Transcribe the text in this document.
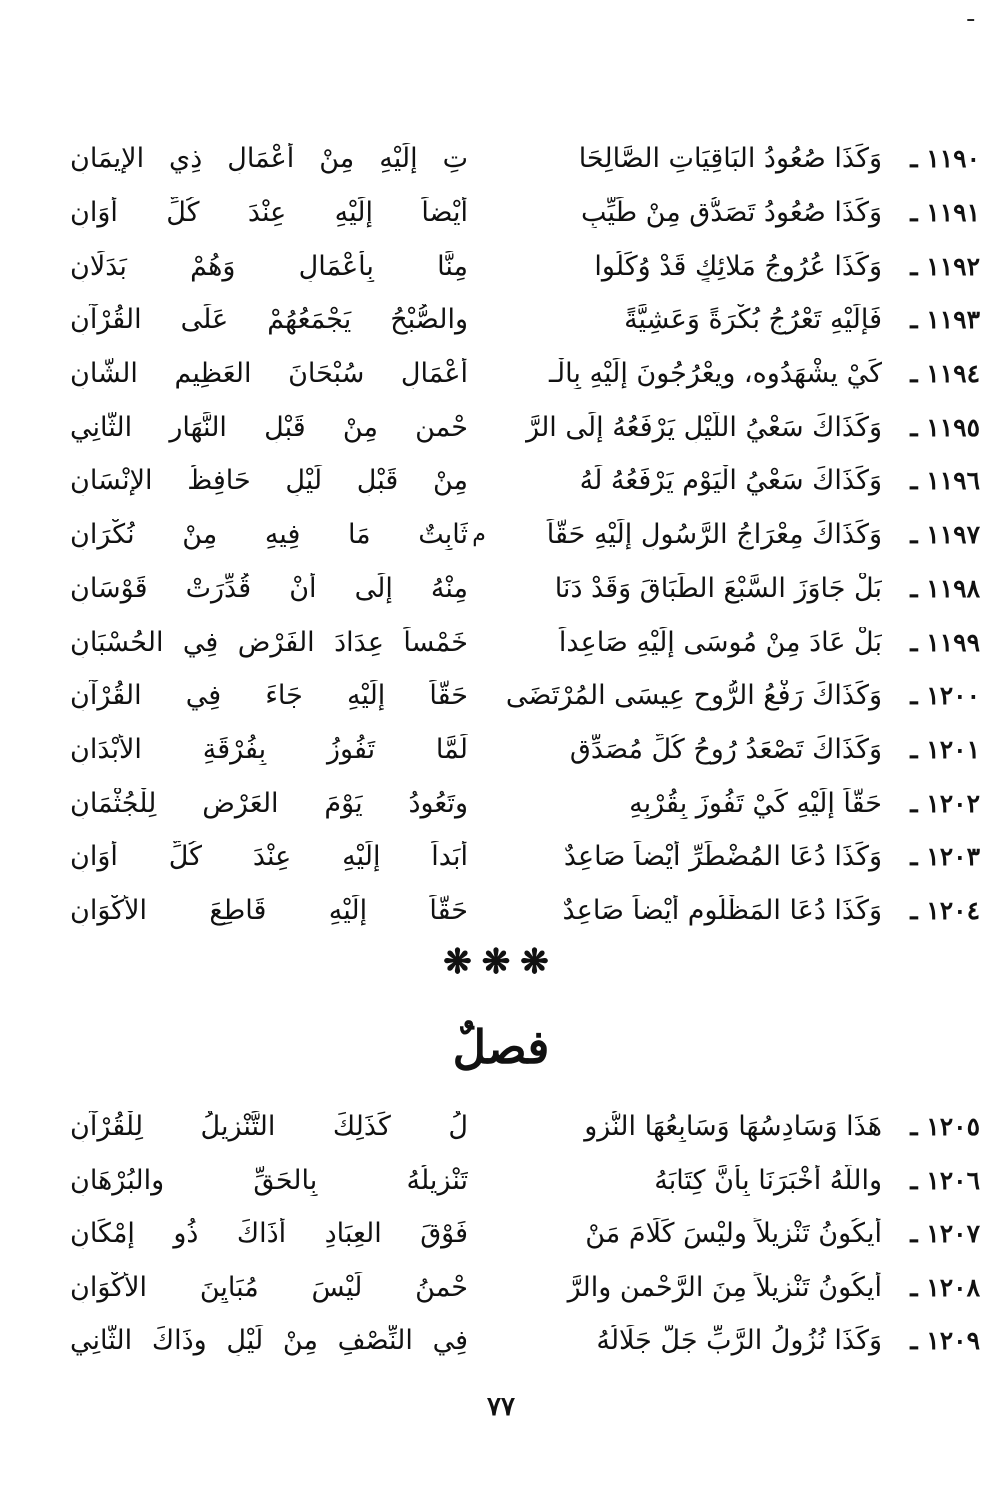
ـ
١١٩٠ ـ
وَكَذَا صُعُودُ البَاقِيَاتِ الصَّالِحَا
تِ إِلَيْهِ مِنْ أَعْمَالِ ذِي الإِيمَانِ
١١٩١ ـ
وَكَذَا صُعُودُ تَصَدُّقٍ مِنْ طَيِّبٍ
أَيْضاً إِلَيْهِ عِنْدَ كُلِّ أَوَانِ
١١٩٢ ـ
وَكَذَا عُرُوجُ مَلائِكٍ قَدْ وُكِّلُوا
مِنَّا بِأَعْمَالٍ وَهُمْ بَدَلَانِ
١١٩٣ ـ
فَإِلَيْهِ تَعْرُجُ بُكْرَةً وَعَشِيَّةً
والصُّبْحُ يَجْمَعُهُمْ عَلَى القُرْآنِ
١١٩٤ ـ
كَيْ يشْهَدُوه، ويعْرُجُونَ إِلَيْهِ بِالْـ
أَعْمَالِ سُبْحَانَ العَظِيمِ الشَّانِ
١١٩٥ ـ
وَكَذَاكَ سَعْيُ اللَّيْلِ يَرْفَعُهُ إِلَى الرَّ
حْمنِ مِنْ قَبْلِ النَّهَارِ الثَّانِي
١١٩٦ ـ
وَكَذَاكَ سَعْيُ الْيَوْمِ يَرْفَعُهُ لَهُ
مِنْ قَبْلِ لَيْلٍ حَافِظُ الإِنْسَانِ
١١٩٧ ـ
وَكَذَاكَ مِعْرَاجُ الرَّسُولِ إِلَيْهِ حَقّاً
م
ثَابِتٌ مَا فِيهِ مِنْ نُكْرَانِ
١١٩٨ ـ
بَلْ جَاوَزَ السَّبْعَ الطِّبَاقَ وَقَدْ دَنَا
مِنْهُ إِلَى أَنْ قُدِّرَتْ قَوْسَانِ
١١٩٩ ـ
بَلْ عَادَ مِنْ مُوسَى إِلَيْهِ صَاعِداً
خَمْساً عِدَادَ الفَرْضِ فِي الحُسْبَانِ
١٢٠٠ ـ
وَكَذَاكَ رَفْعُ الرُّوحِ عِيسَى المُرْتَضَى
حَقّاً إِلَيْهِ جَاءَ فِي القُرْآنِ
١٢٠١ ـ
وَكَذَاكَ تَصْعَدُ رُوحُ كُلِّ مُصَدِّقٍ
لَمَّا تَفُوزُ بِفُرْقَةِ الأَبْدَانِ
١٢٠٢ ـ
حَقّاً إِلَيْهِ كَيْ تَفُوزَ بِقُرْبِهِ
وتَعُودُ يَوْمَ العَرْضِ لِلْجُثْمَانِ
١٢٠٣ ـ
وَكَذَا دُعَا المُضْطَرِّ أَيْضاً صَاعِدٌ
أَبَداً إِلَيْهِ عِنْدَ كُلِّ أَوَانِ
١٢٠٤ ـ
وَكَذَا دُعَا المَظْلُومِ أَيْضاً صَاعِدٌ
حَقّاً إِلَيْهِ قَاطِعَ الأَكْوَانِ
❋❋❋
فصلٌ
١٢٠٥ ـ
هَذَا وَسَادِسُهَا وَسَابِعُهَا النُّزو
لُ كَذَلِكَ التَّنْزِيلُ لِلْقُرْآنِ
١٢٠٦ ـ
واللَّهُ أَخْبَرَنَا بِأَنَّ كِتَابَهُ
تَنْزِيلُهُ بِالحَقِّ والبُرْهَانِ
١٢٠٧ ـ
أَيكُونُ تَنْزِيلاً وليْسَ كَلَامَ مَنْ
فَوْقَ العِبَادِ أَذَاكَ ذُو إِمْكَانِ
١٢٠٨ ـ
أَيكُونُ تَنْزِيلاً مِنَ الرَّحْمنِ والرَّ
حْمنُ لَيْسَ مُبَايِنَ الأَكْوَانِ
١٢٠٩ ـ
وَكَذَا نُزُولُ الرَّبِّ جَلَّ جَلَالُهُ
فِي النِّصْفِ مِنْ لَيْلٍ وذَاكَ الثَّانِي
٧٧
